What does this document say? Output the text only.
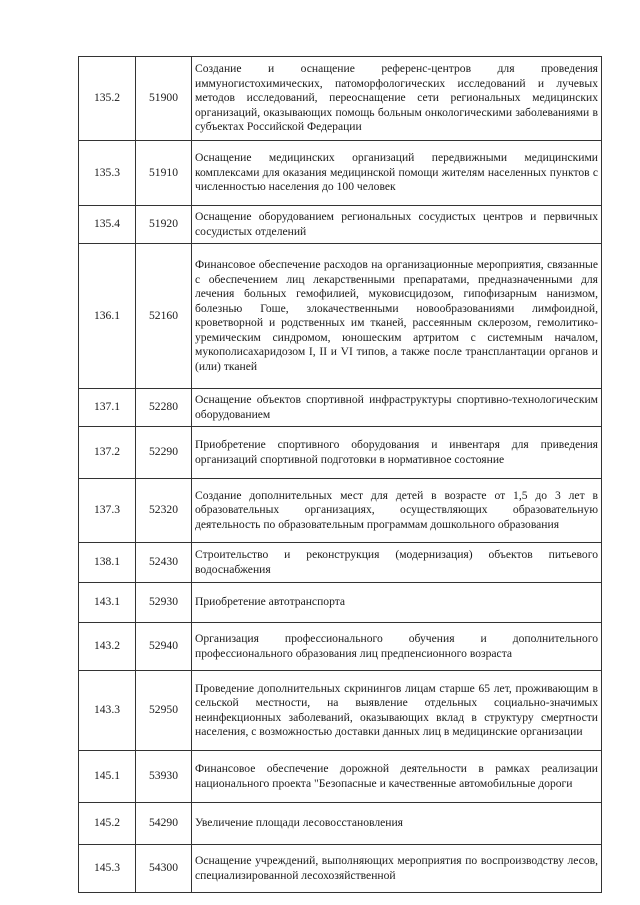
135.2	51900	Создание и оснащение референс-центров для проведения иммуногистохимических, патоморфологических исследований и лучевых методов исследований, переоснащение сети региональных медицинских организаций, оказывающих помощь больным онкологическими заболеваниями в субъектах Российской Федерации
135.3	51910	Оснащение медицинских организаций передвижными медицинскими комплексами для оказания медицинской помощи жителям населенных пунктов с численностью населения до 100 человек
135.4	51920	Оснащение оборудованием региональных сосудистых центров и первичных сосудистых отделений
136.1	52160	Финансовое обеспечение расходов на организационные мероприятия, связанные с обеспечением лиц лекарственными препаратами, предназначенными для лечения больных гемофилией, муковисцидозом, гипофизарным нанизмом, болезнью Гоше, злокачественными новообразованиями лимфоидной, кроветворной и родственных им тканей, рассеянным склерозом, гемолитико-уремическим синдромом, юношеским артритом с системным началом, мукополисахаридозом I, II и VI типов, а также после трансплантации органов и (или) тканей
137.1	52280	Оснащение объектов спортивной инфраструктуры спортивно-технологическим оборудованием
137.2	52290	Приобретение спортивного оборудования и инвентаря для приведения организаций спортивной подготовки в нормативное состояние
137.3	52320	Создание дополнительных мест для детей в возрасте от 1,5 до 3 лет в образовательных организациях, осуществляющих образовательную деятельность по образовательным программам дошкольного образования
138.1	52430	Строительство и реконструкция (модернизация) объектов питьевого водоснабжения
143.1	52930	Приобретение автотранспорта
143.2	52940	Организация профессионального обучения и дополнительного профессионального образования лиц предпенсионного возраста
143.3	52950	Проведение дополнительных скринингов лицам старше 65 лет, проживающим в сельской местности, на выявление отдельных социально-значимых неинфекционных заболеваний, оказывающих вклад в структуру смертности населения, с возможностью доставки данных лиц в медицинские организации
145.1	53930	Финансовое обеспечение дорожной деятельности в рамках реализации национального проекта "Безопасные и качественные автомобильные дороги
145.2	54290	Увеличение площади лесовосстановления
145.3	54300	Оснащение учреждений, выполняющих мероприятия по воспроизводству лесов, специализированной лесохозяйственной
